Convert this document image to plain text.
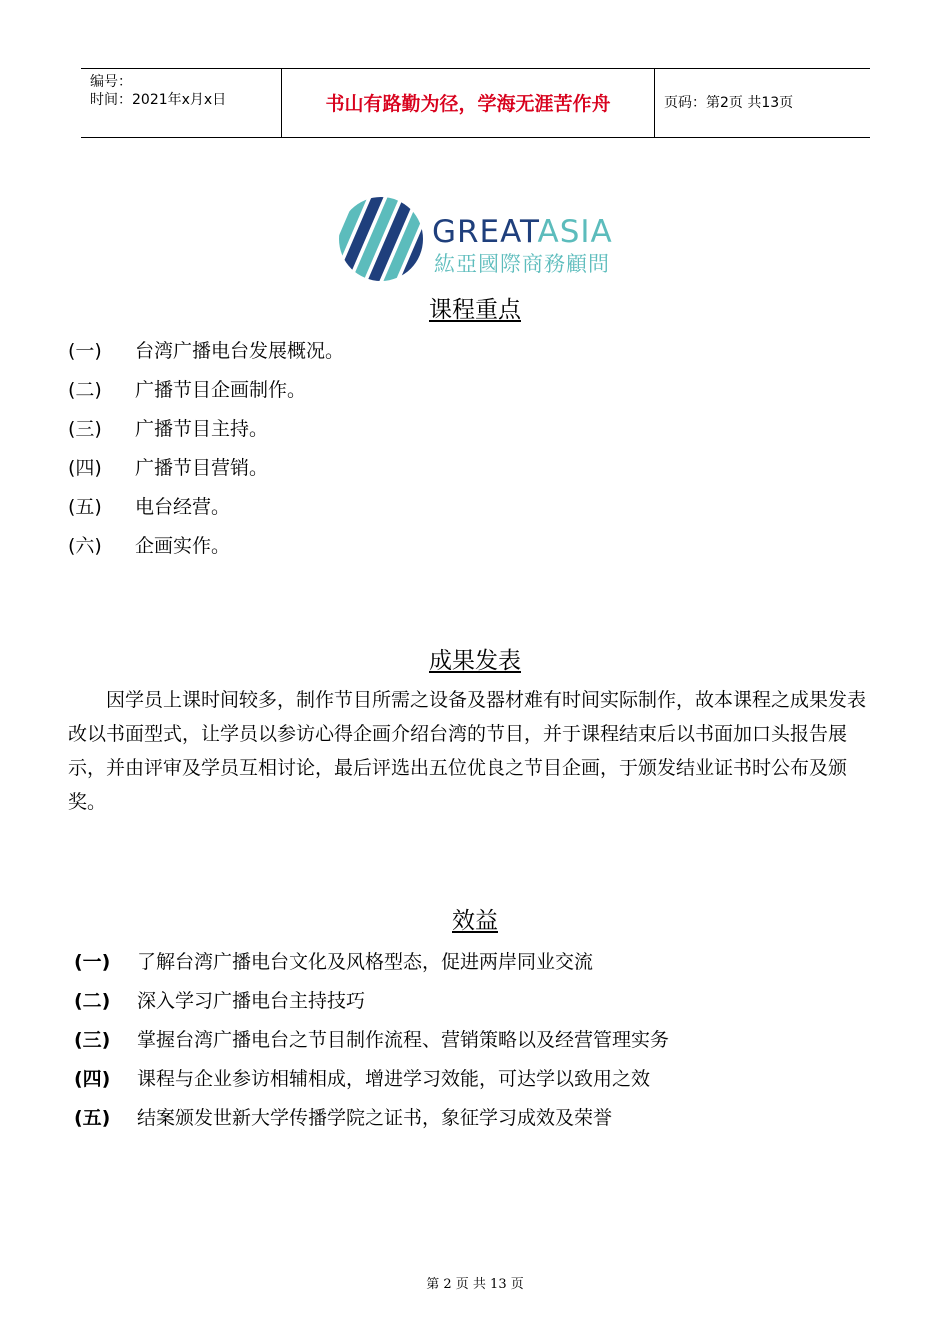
编号：
时间：2021年x月x日	书山有路勤为径，学海无涯苦作舟	页码：第2页 共13页
GREATASIA
紘亞國際商務顧問
课程重点
(一) 台湾广播电台发展概况。
(二) 广播节目企画制作。
(三) 广播节目主持。
(四) 广播节目营销。
(五) 电台经营。
(六) 企画实作。
成果发表

因学员上课时间较多，制作节目所需之设备及器材难有时间实际制作，故本课程之成果发表改以书面型式，让学员以参访心得企画介绍台湾的节目，并于课程结束后以书面加口头报告展示，并由评审及学员互相讨论，最后评选出五位优良之节目企画，于颁发结业证书时公布及颁奖。

效益
(一) 了解台湾广播电台文化及风格型态，促进两岸同业交流
(二) 深入学习广播电台主持技巧
(三) 掌握台湾广播电台之节目制作流程、营销策略以及经营管理实务
(四) 课程与企业参访相辅相成，增进学习效能，可达学以致用之效
(五) 结案颁发世新大学传播学院之证书，象征学习成效及荣誉
第 2 页 共 13 页
